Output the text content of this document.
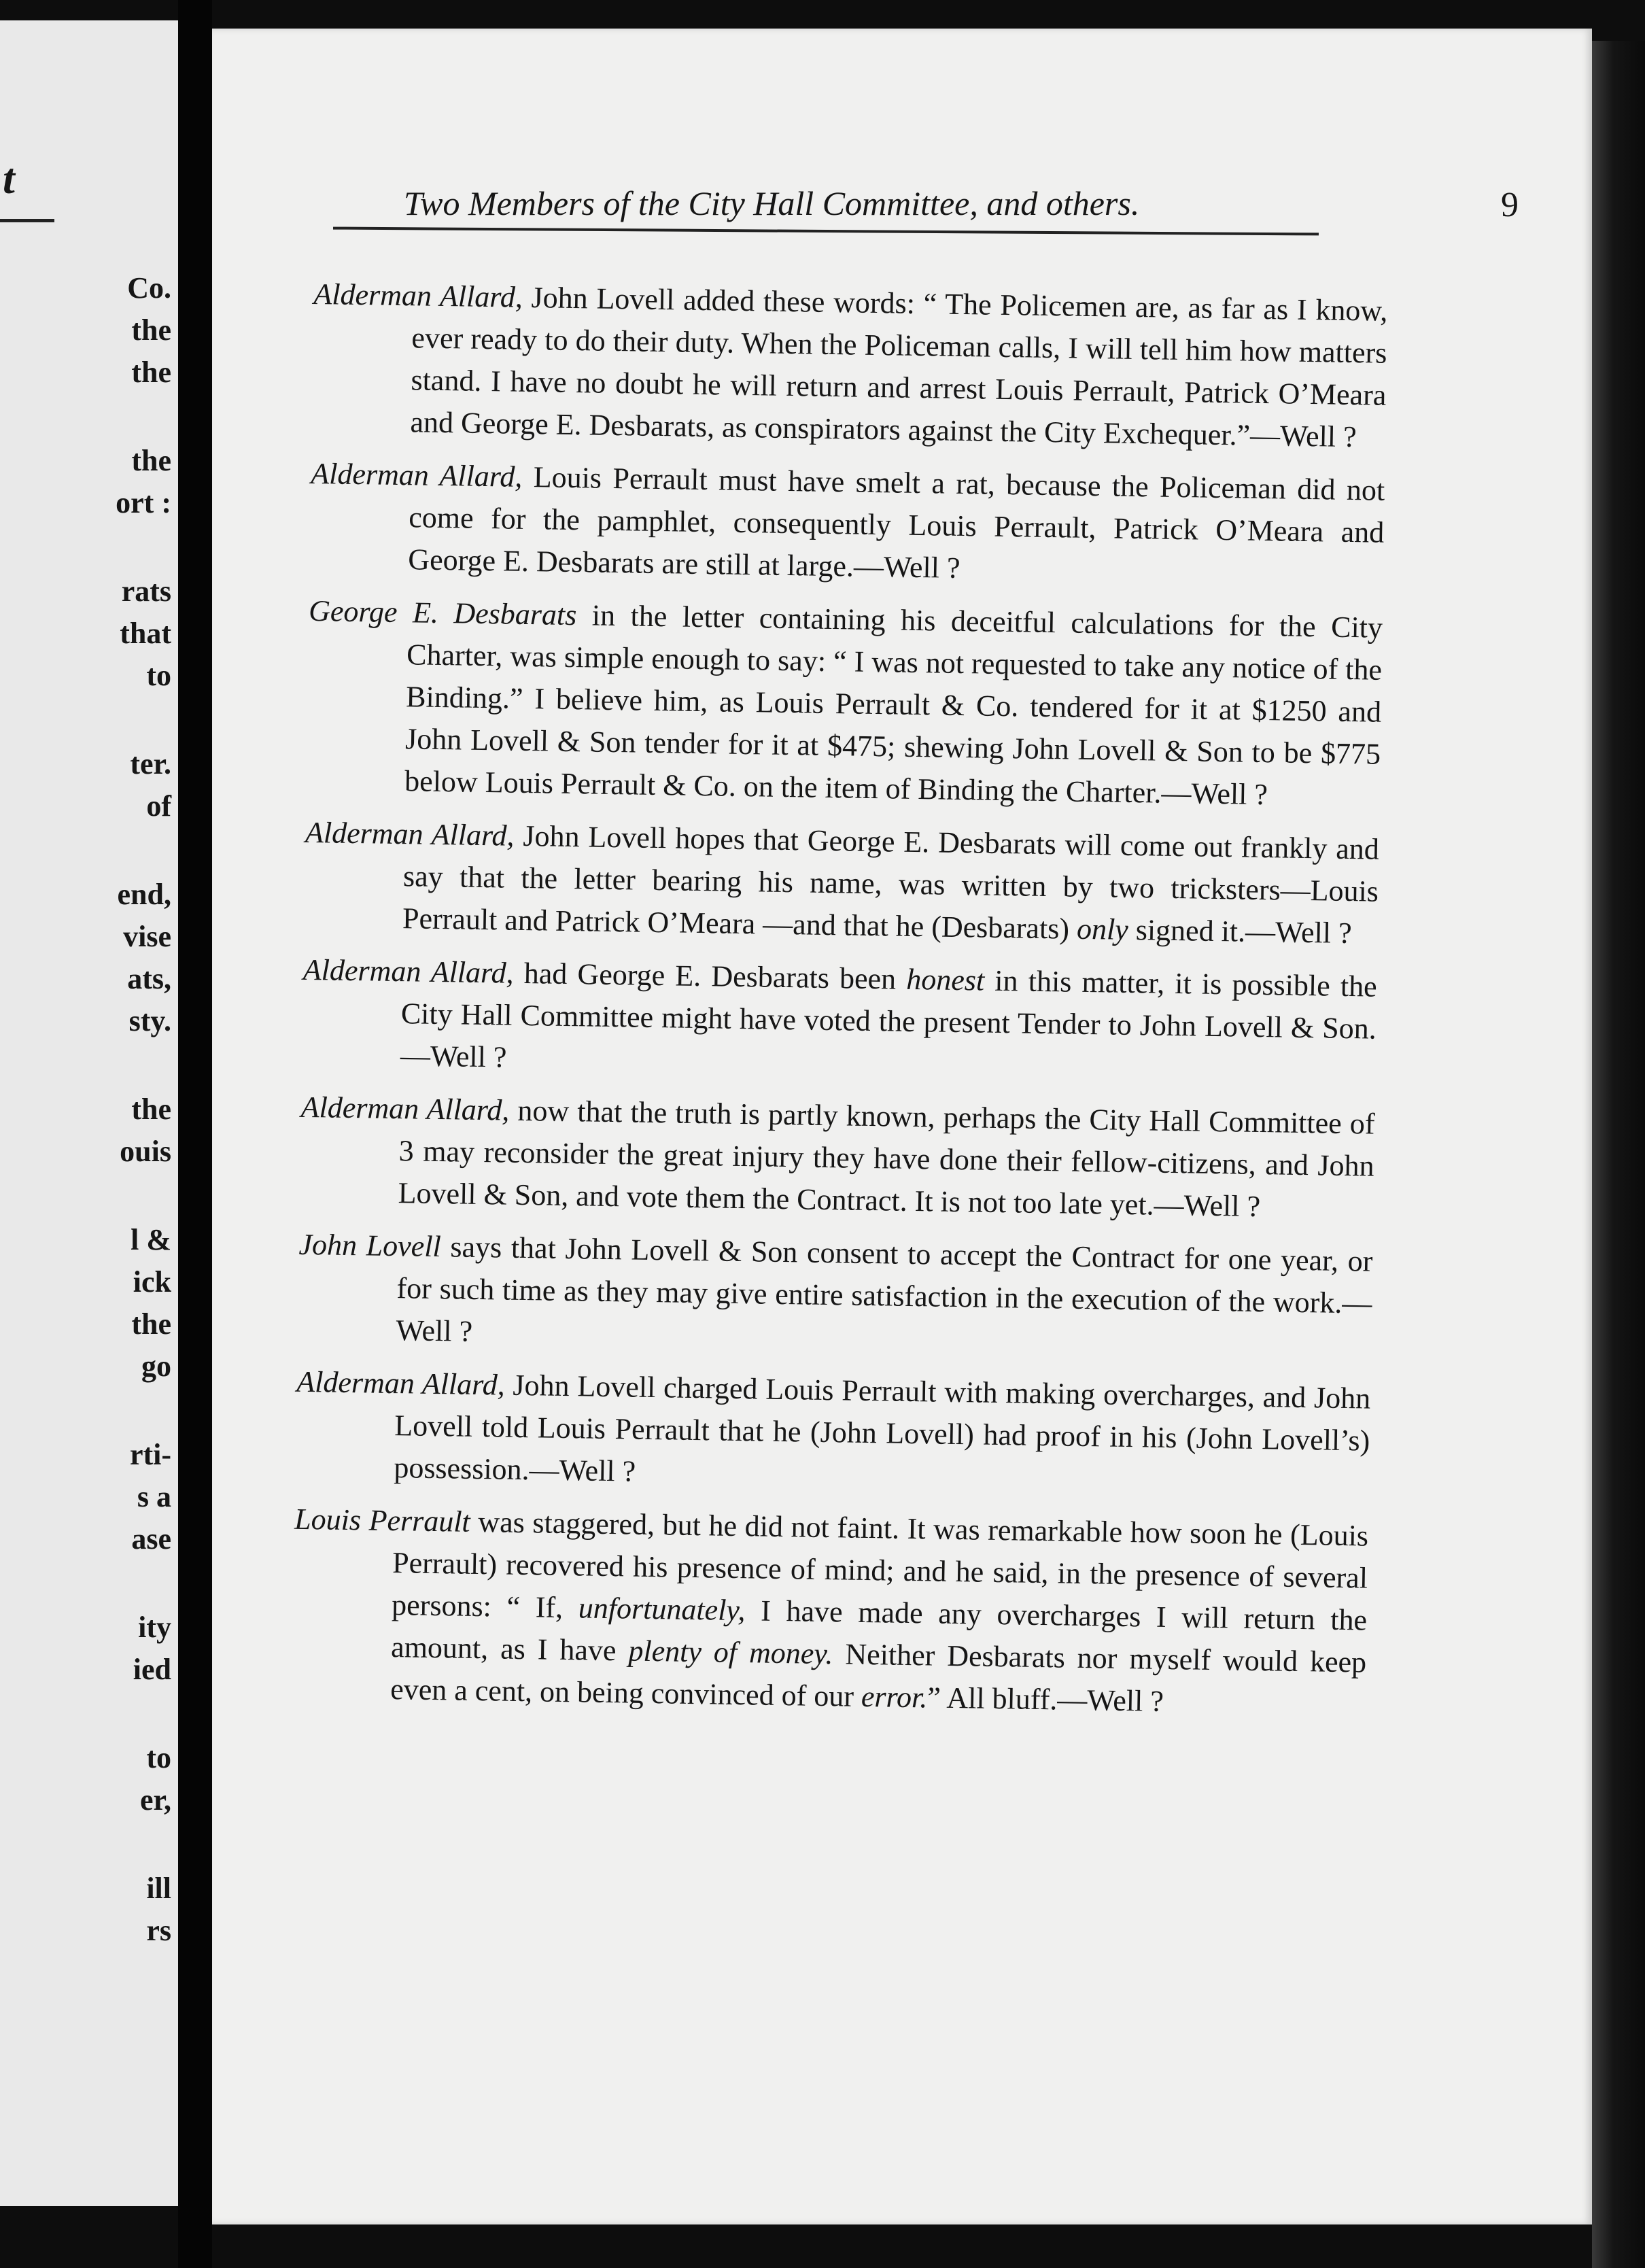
t
Co.
the
the
the
ort :
rats
that
to
ter.
of
end,
vise
ats,
sty.
the
ouis
l &
ick
the
go
rti-
s a
ase
ity
ied
to
er,
ill
rs
Two Members of the City Hall Committee, and others.	9

Alderman Allard, John Lovell added these words: “ The Policemen are, as far as I know, ever ready to do their duty. When the Policeman calls, I will tell him how matters stand. I have no doubt he will return and arrest Louis Perrault, Patrick O’Meara and George E. Desbarats, as conspirators against the City Exchequer.”—Well ?

Alderman Allard, Louis Perrault must have smelt a rat, because the Policeman did not come for the pamphlet, consequently Louis Perrault, Patrick O’Meara and George E. Desbarats are still at large.—Well ?

George E. Desbarats in the letter containing his deceitful calculations for the City Charter, was simple enough to say: “ I was not requested to take any notice of the Binding.” I believe him, as Louis Perrault & Co. tendered for it at $1250 and John Lovell & Son tender for it at $475; shewing John Lovell & Son to be $775 below Louis Perrault & Co. on the item of Binding the Charter.—Well ?

Alderman Allard, John Lovell hopes that George E. Desbarats will come out frankly and say that the letter bearing his name, was written by two tricksters—Louis Perrault and Patrick O’Meara —and that he (Desbarats) only signed it.—Well ?

Alderman Allard, had George E. Desbarats been honest in this matter, it is possible the City Hall Committee might have voted the present Tender to John Lovell & Son.—Well ?

Alderman Allard, now that the truth is partly known, perhaps the City Hall Committee of 3 may reconsider the great injury they have done their fellow-citizens, and John Lovell & Son, and vote them the Contract. It is not too late yet.—Well ?

John Lovell says that John Lovell & Son consent to accept the Contract for one year, or for such time as they may give entire satisfaction in the execution of the work.—Well ?

Alderman Allard, John Lovell charged Louis Perrault with making overcharges, and John Lovell told Louis Perrault that he (John Lovell) had proof in his (John Lovell’s) possession.—Well ?

Louis Perrault was staggered, but he did not faint. It was remarkable how soon he (Louis Perrault) recovered his presence of mind; and he said, in the presence of several persons: “ If, unfortunately, I have made any overcharges I will return the amount, as I have plenty of money. Neither Desbarats nor myself would keep even a cent, on being convinced of our error.” All bluff.—Well ?
